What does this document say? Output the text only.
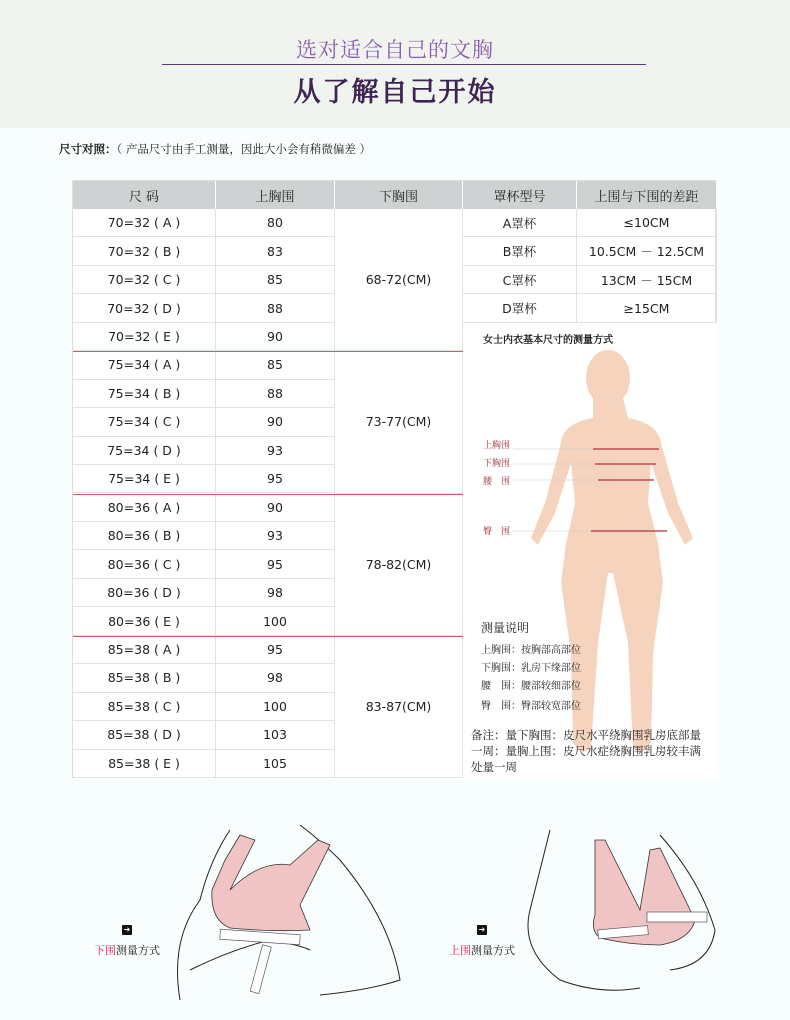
选对适合自己的文胸
从了解自己开始
尺寸对照：（ 产品尺寸由手工测量，因此大小会有稍微偏差 ）
≥15CM
D罩杯
13CM － 15CM
C罩杯
10.5CM － 12.5CM
B罩杯
≤10CM
A罩杯
83-87(CM)
78-82(CM)
73-77(CM)
68-72(CM)
105
85=38 ( E )
103
85=38 ( D )
100
85=38 ( C )
98
85=38 ( B )
95
85=38 ( A )
100
80=36 ( E )
98
80=36 ( D )
95
80=36 ( C )
93
80=36 ( B )
90
80=36 ( A )
95
75=34 ( E )
93
75=34 ( D )
90
75=34 ( C )
88
75=34 ( B )
85
75=34 ( A )
90
70=32 ( E )
88
70=32 ( D )
85
70=32 ( C )
83
70=32 ( B )
80
70=32 ( A )
上围与下围的差距
罩杯型号
下胸围
上胸围
尺 码
女士内衣基本尺寸的测量方式
上胸围
下胸围
腰　围
臀　围
测量说明
上胸围：按胸部高部位
下胸围：乳房下缘部位
腰　围：腰部较细部位
臀　围：臀部较宽部位
备注：量下胸围：皮尺水平绕胸围乳房底部量一周：量胸上围：皮尺水症绕胸围乳房较丰满处量一周
➜
下围测量方式
➜
上围测量方式
